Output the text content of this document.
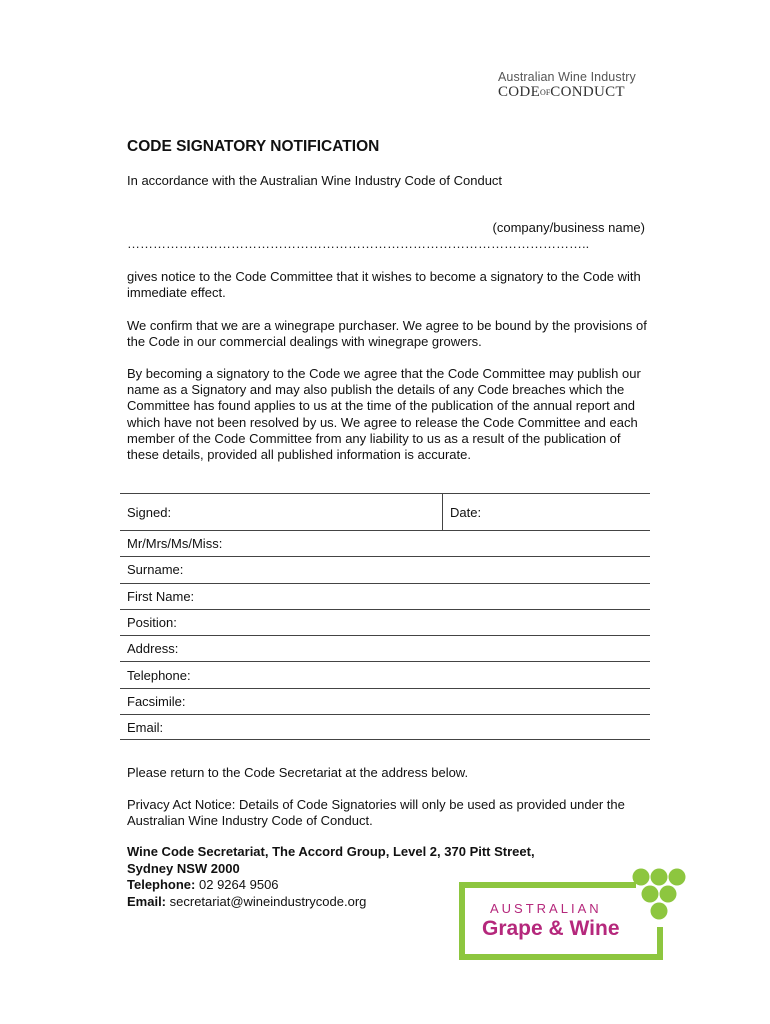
Australian Wine Industry
CODEOFCONDUCT
CODE SIGNATORY NOTIFICATION

In accordance with the Australian Wine Industry Code of Conduct

(company/business name)
……………………………………………………………………………………………..

gives notice to the Code Committee that it wishes to become a signatory to the Code with immediate effect.

We confirm that we are a winegrape purchaser. We agree to be bound by the provisions of the Code in our commercial dealings with winegrape growers.

By becoming a signatory to the Code we agree that the Code Committee may publish our name as a Signatory and may also publish the details of any Code breaches which the Committee has found applies to us at the time of the publication of the annual report and which have not been resolved by us. We agree to release the Code Committee and each member of the Code Committee from any liability to us as a result of the publication of these details, provided all published information is accurate.

Signed:	Date:
Mr/Mrs/Ms/Miss:
Surname:
First Name:
Position:
Address:
Telephone:
Facsimile:
Email:

Please return to the Code Secretariat at the address below.

Privacy Act Notice: Details of Code Signatories will only be used as provided under the Australian Wine Industry Code of Conduct.

Wine Code Secretariat, The Accord Group, Level 2, 370 Pitt Street,
Sydney NSW 2000
Telephone: 02 9264 9506
Email: secretariat@wineindustrycode.org	AUSTRALIAN
Grape & Wine
